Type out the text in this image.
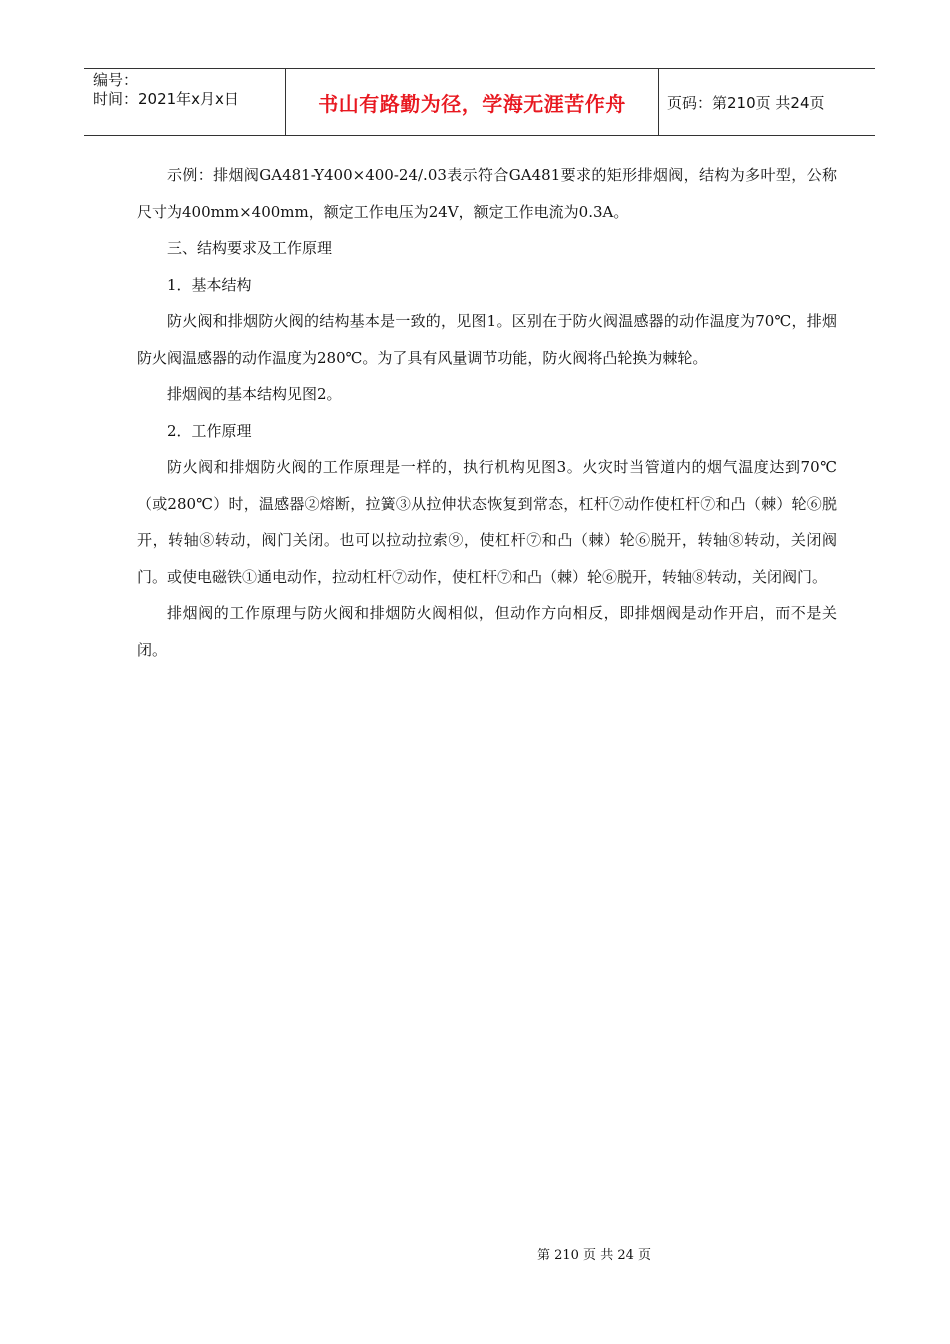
编号：
时间：2021年x月x日	书山有路勤为径，学海无涯苦作舟	页码：第210页 共24页

示例：排烟阀GA481-Y400×400-24/.03表示符合GA481要求的矩形排烟阀，结构为多叶型，公称尺寸为400mm×400mm，额定工作电压为24V，额定工作电流为0.3A。

三、结构要求及工作原理

1．基本结构

防火阀和排烟防火阀的结构基本是一致的，见图1。区别在于防火阀温感器的动作温度为70℃，排烟防火阀温感器的动作温度为280℃。为了具有风量调节功能，防火阀将凸轮换为棘轮。

排烟阀的基本结构见图2。

2．工作原理

防火阀和排烟防火阀的工作原理是一样的，执行机构见图3。火灾时当管道内的烟气温度达到70℃（或280℃）时，温感器②熔断，拉簧③从拉伸状态恢复到常态，杠杆⑦动作使杠杆⑦和凸（棘）轮⑥脱开，转轴⑧转动，阀门关闭。也可以拉动拉索⑨，使杠杆⑦和凸（棘）轮⑥脱开，转轴⑧转动，关闭阀门。或使电磁铁①通电动作，拉动杠杆⑦动作，使杠杆⑦和凸（棘）轮⑥脱开，转轴⑧转动，关闭阀门。

排烟阀的工作原理与防火阀和排烟防火阀相似，但动作方向相反，即排烟阀是动作开启，而不是关闭。

第 210 页 共 24 页
